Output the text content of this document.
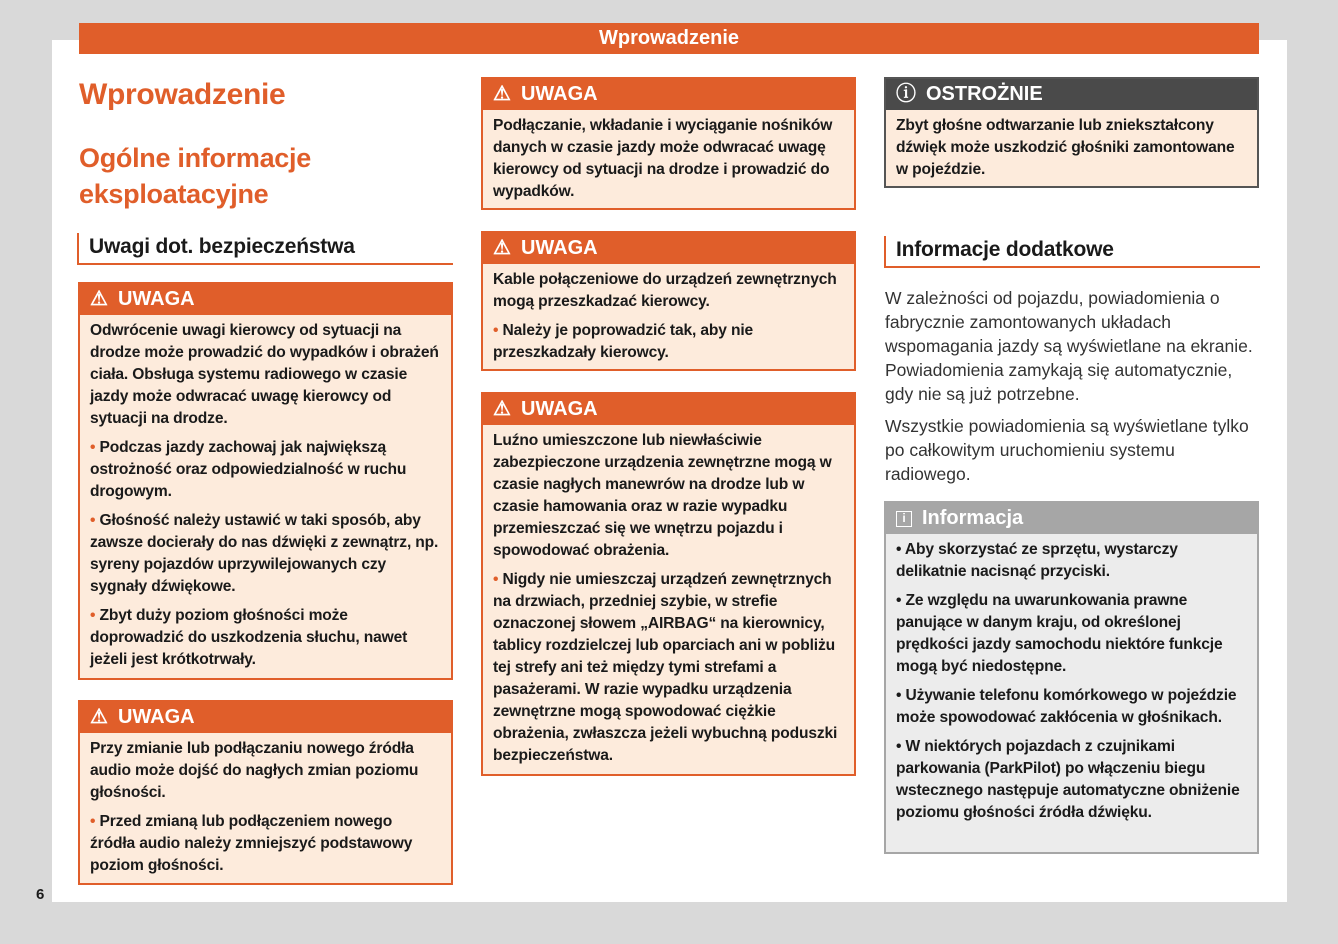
Wprowadzenie
Wprowadzenie
Ogólne informacje eksploatacyjne
Uwagi dot. bezpieczeństwa
⚠ UWAGA

Odwrócenie uwagi kierowcy od sytuacji na drodze może prowadzić do wypadków i obrażeń ciała. Obsługa systemu radiowego w czasie jazdy może odwracać uwagę kierowcy od sytuacji na drodze.

• Podczas jazdy zachowaj jak największą ostrożność oraz odpowiedzialność w ruchu drogowym.

• Głośność należy ustawić w taki sposób, aby zawsze docierały do nas dźwięki z zewnątrz, np. syreny pojazdów uprzywilejowanych czy sygnały dźwiękowe.

• Zbyt duży poziom głośności może doprowadzić do uszkodzenia słuchu, nawet jeżeli jest krótkotrwały.

⚠ UWAGA

Przy zmianie lub podłączaniu nowego źródła audio może dojść do nagłych zmian poziomu głośności.

• Przed zmianą lub podłączeniem nowego źródła audio należy zmniejszyć podstawowy poziom głośności.

⚠ UWAGA

Podłączanie, wkładanie i wyciąganie nośników danych w czasie jazdy może odwracać uwagę kierowcy od sytuacji na drodze i prowadzić do wypadków.

⚠ UWAGA

Kable połączeniowe do urządzeń zewnętrznych mogą przeszkadzać kierowcy.

• Należy je poprowadzić tak, aby nie przeszkadzały kierowcy.

⚠ UWAGA

Luźno umieszczone lub niewłaściwie zabezpieczone urządzenia zewnętrzne mogą w czasie nagłych manewrów na drodze lub w czasie hamowania oraz w razie wypadku przemieszczać się we wnętrzu pojazdu i spowodować obrażenia.

• Nigdy nie umieszczaj urządzeń zewnętrznych na drzwiach, przedniej szybie, w strefie oznaczonej słowem „AIRBAG“ na kierownicy, tablicy rozdzielczej lub oparciach ani w pobliżu tej strefy ani też między tymi strefami a pasażerami. W razie wypadku urządzenia zewnętrzne mogą spowodować ciężkie obrażenia, zwłaszcza jeżeli wybuchną poduszki bezpieczeństwa.

ⓘ OSTROŻNIE

Zbyt głośne odtwarzanie lub zniekształcony dźwięk może uszkodzić głośniki zamontowane w pojeździe.

Informacje dodatkowe

W zależności od pojazdu, powiadomienia o fabrycznie zamontowanych układach wspomagania jazdy są wyświetlane na ekranie. Powiadomienia zamykają się automatycznie, gdy nie są już potrzebne.

Wszystkie powiadomienia są wyświetlane tylko po całkowitym uruchomieniu systemu radiowego.

i Informacja

• Aby skorzystać ze sprzętu, wystarczy delikatnie nacisnąć przyciski.

• Ze względu na uwarunkowania prawne panujące w danym kraju, od określonej prędkości jazdy samochodu niektóre funkcje mogą być niedostępne.

• Używanie telefonu komórkowego w pojeździe może spowodować zakłócenia w głośnikach.

• W niektórych pojazdach z czujnikami parkowania (ParkPilot) po włączeniu biegu wstecznego następuje automatyczne obniżenie poziomu głośności źródła dźwięku.

6
